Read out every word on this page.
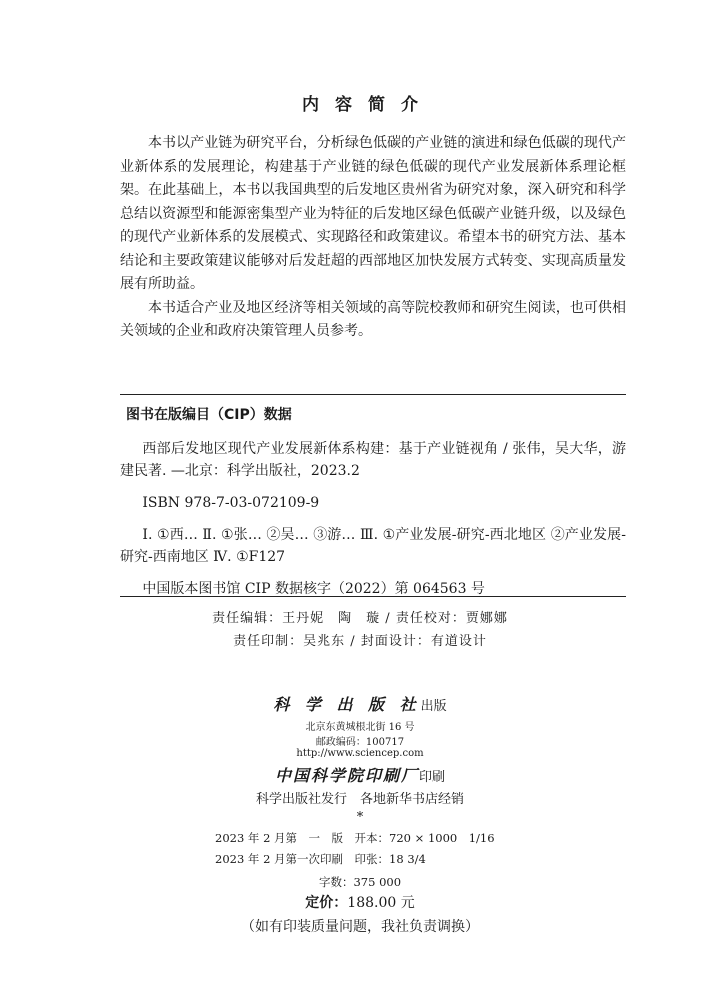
内容简介

本书以产业链为研究平台，分析绿色低碳的产业链的演进和绿色低碳的现代产业新体系的发展理论，构建基于产业链的绿色低碳的现代产业发展新体系理论框架。在此基础上，本书以我国典型的后发地区贵州省为研究对象，深入研究和科学总结以资源型和能源密集型产业为特征的后发地区绿色低碳产业链升级，以及绿色的现代产业新体系的发展模式、实现路径和政策建议。希望本书的研究方法、基本结论和主要政策建议能够对后发赶超的西部地区加快发展方式转变、实现高质量发展有所助益。

本书适合产业及地区经济等相关领域的高等院校教师和研究生阅读，也可供相关领域的企业和政府决策管理人员参考。

图书在版编目（CIP）数据

西部后发地区现代产业发展新体系构建：基于产业链视角 / 张伟，吴大华，游建民著. —北京：科学出版社，2023.2

ISBN 978-7-03-072109-9

Ⅰ. ①西… Ⅱ. ①张… ②吴… ③游… Ⅲ. ①产业发展-研究-西北地区 ②产业发展-研究-西南地区 Ⅳ. ①F127

中国版本图书馆 CIP 数据核字（2022）第 064563 号

责任编辑：王丹妮　陶　璇 / 责任校对：贾娜娜
责任印制：吴兆东 / 封面设计：有道设计
科 学 出 版 社出版
北京东黄城根北街 16 号
邮政编码：100717
http://www.sciencep.com
中国科学院印刷厂印刷
科学出版社发行　各地新华书店经销
*
2023 年 2 月第　一　版　开本：720 × 1000　1/16
2023 年 2 月第一次印刷　印张：18 3/4
字数：375 000
定价：188.00 元
（如有印装质量问题，我社负责调换）
